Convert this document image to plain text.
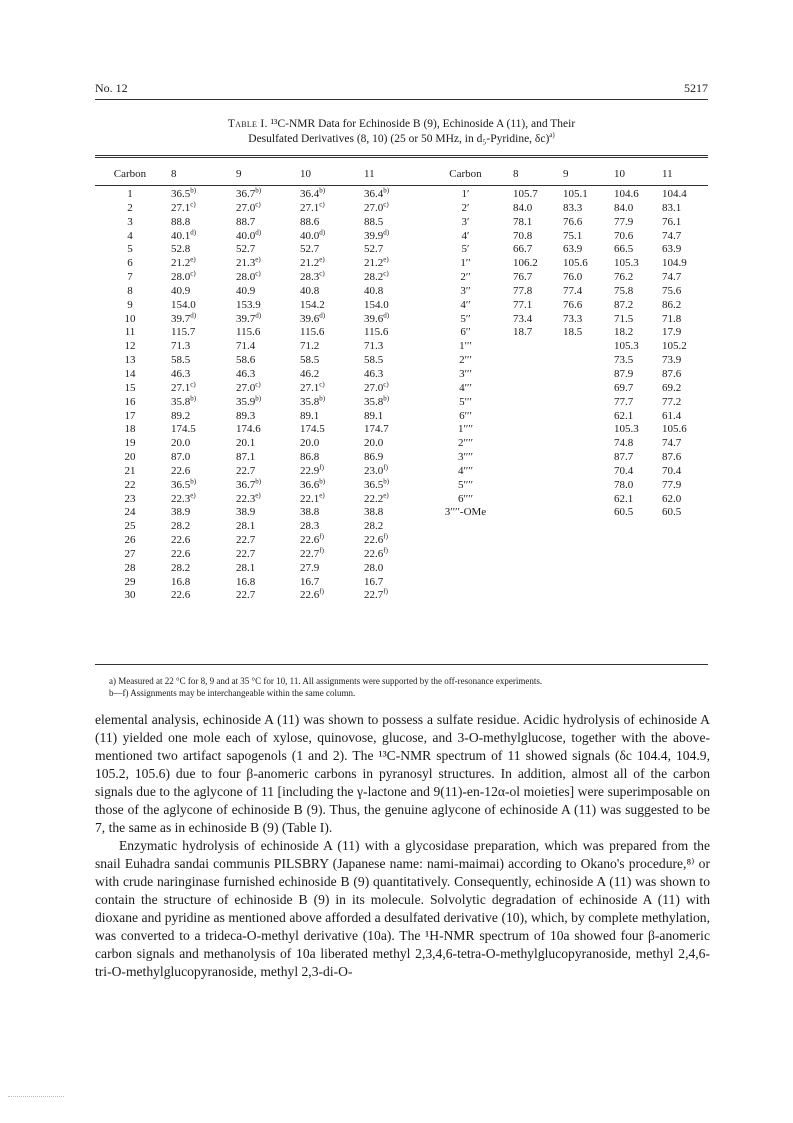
No. 12	5217
Table I. ¹³C-NMR Data for Echinoside B (9), Echinoside A (11), and Their
Desulfated Derivatives (8, 10) (25 or 50 MHz, in d₅-Pyridine, δc)$^{a)}$
Carbon	8	9	10	11	Carbon	8	9	10	11
1	36.5$^{b)}$	36.7$^{b)}$	36.4$^{b)}$	36.4$^{b)}$	1′	105.7	105.1	104.6	104.4
2	27.1$^{c)}$	27.0$^{c)}$	27.1$^{c)}$	27.0$^{c)}$	2′	84.0	83.3	84.0	83.1
3	88.8	88.7	88.6	88.5	3′	78.1	76.6	77.9	76.1
4	40.1$^{d)}$	40.0$^{d)}$	40.0$^{d)}$	39.9$^{d)}$	4′	70.8	75.1	70.6	74.7
5	52.8	52.7	52.7	52.7	5′	66.7	63.9	66.5	63.9
6	21.2$^{e)}$	21.3$^{e)}$	21.2$^{e)}$	21.2$^{e)}$	1′′	106.2	105.6	105.3	104.9
7	28.0$^{c)}$	28.0$^{c)}$	28.3$^{c)}$	28.2$^{c)}$	2′′	76.7	76.0	76.2	74.7
8	40.9	40.9	40.8	40.8	3′′	77.8	77.4	75.8	75.6
9	154.0	153.9	154.2	154.0	4′′	77.1	76.6	87.2	86.2
10	39.7$^{d)}$	39.7$^{d)}$	39.6$^{d)}$	39.6$^{d)}$	5′′	73.4	73.3	71.5	71.8
11	115.7	115.6	115.6	115.6	6′′	18.7	18.5	18.2	17.9
12	71.3	71.4	71.2	71.3	1′′′			105.3	105.2
13	58.5	58.6	58.5	58.5	2′′′			73.5	73.9
14	46.3	46.3	46.2	46.3	3′′′			87.9	87.6
15	27.1$^{c)}$	27.0$^{c)}$	27.1$^{c)}$	27.0$^{c)}$	4′′′			69.7	69.2
16	35.8$^{b)}$	35.9$^{b)}$	35.8$^{b)}$	35.8$^{b)}$	5′′′			77.7	77.2
17	89.2	89.3	89.1	89.1	6′′′			62.1	61.4
18	174.5	174.6	174.5	174.7	1′′′′			105.3	105.6
19	20.0	20.1	20.0	20.0	2′′′′			74.8	74.7
20	87.0	87.1	86.8	86.9	3′′′′			87.7	87.6
21	22.6	22.7	22.9$^{f)}$	23.0$^{f)}$	4′′′′			70.4	70.4
22	36.5$^{b)}$	36.7$^{b)}$	36.6$^{b)}$	36.5$^{b)}$	5′′′′			78.0	77.9
23	22.3$^{e)}$	22.3$^{e)}$	22.1$^{e)}$	22.2$^{e)}$	6′′′′			62.1	62.0
24	38.9	38.9	38.8	38.8	3′′′′-OMe			60.5	60.5
25	28.2	28.1	28.3	28.2					
26	22.6	22.7	22.6$^{f)}$	22.6$^{f)}$					
27	22.6	22.7	22.7$^{f)}$	22.6$^{f)}$					
28	28.2	28.1	27.9	28.0					
29	16.8	16.8	16.7	16.7					
30	22.6	22.7	22.6$^{f)}$	22.7$^{f)}$					

a) Measured at 22 °C for 8, 9 and at 35 °C for 10, 11. All assignments were supported by the off-resonance experiments.

b—f) Assignments may be interchangeable within the same column.

elemental analysis, echinoside A (11) was shown to possess a sulfate residue. Acidic hydrolysis of echinoside A (11) yielded one mole each of xylose, quinovose, glucose, and 3-O-methylglucose, together with the above-mentioned two artifact sapogenols (1 and 2). The ¹³C-NMR spectrum of 11 showed signals (δc 104.4, 104.9, 105.2, 105.6) due to four β-anomeric carbons in pyranosyl structures. In addition, almost all of the carbon signals due to the aglycone of 11 [including the γ-lactone and 9(11)-en-12α-ol moieties] were superimposable on those of the aglycone of echinoside B (9). Thus, the genuine aglycone of echinoside A (11) was suggested to be 7, the same as in echinoside B (9) (Table I).

Enzymatic hydrolysis of echinoside A (11) with a glycosidase preparation, which was prepared from the snail Euhadra sandai communis PILSBRY (Japanese name: nami-maimai) according to Okano's procedure,⁸⁾ or with crude naringinase furnished echinoside B (9) quantitatively. Consequently, echinoside A (11) was shown to contain the structure of echinoside B (9) in its molecule. Solvolytic degradation of echinoside A (11) with dioxane and pyridine as mentioned above afforded a desulfated derivative (10), which, by complete methylation, was converted to a trideca-O-methyl derivative (10a). The ¹H-NMR spectrum of 10a showed four β-anomeric carbon signals and methanolysis of 10a liberated methyl 2,3,4,6-tetra-O-methylglucopyranoside, methyl 2,4,6-tri-O-methylglucopyranoside, methyl 2,3-di-O-
